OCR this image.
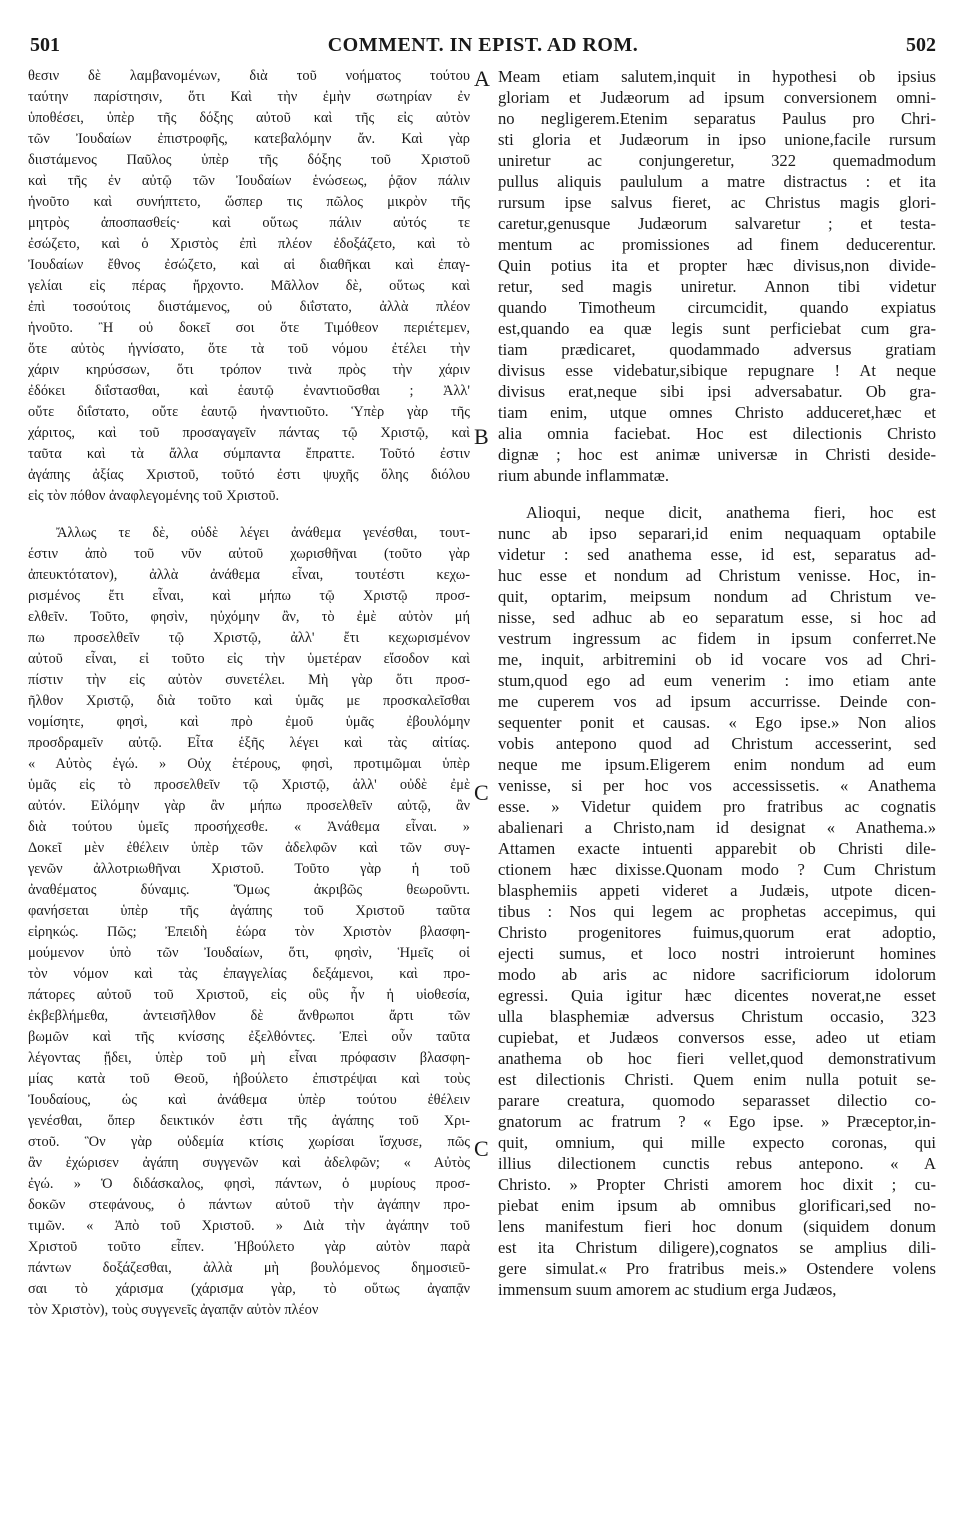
501	COMMENT. IN EPIST. AD ROM.	502
A
B
C
C
θεσιν δὲ λαμβανομένων, διὰ τοῦ νοήματος τούτου
ταύτην παρίστησιν, ὅτι Καὶ τὴν ἐμὴν σωτηρίαν ἐν
ὑποθέσει, ὑπὲρ τῆς δόξης αὐτοῦ καὶ τῆς εἰς αὐτὸν
τῶν Ἰουδαίων ἐπιστροφῆς, κατεβαλόμην ἄν. Καὶ γὰρ
διιστάμενος Παῦλος ὑπὲρ τῆς δόξης τοῦ Χριστοῦ
καὶ τῆς ἐν αὐτῷ τῶν Ἰουδαίων ἑνώσεως, ῥᾷον πάλιν
ἡνοῦτο καὶ συνήπτετο, ὥσπερ τις πῶλος μικρὸν τῆς
μητρὸς ἀποσπασθείς· καὶ οὕτως πάλιν αὐτός τε
ἐσώζετο, καὶ ὁ Χριστὸς ἐπὶ πλέον ἐδοξάζετο, καὶ τὸ
Ἰουδαίων ἔθνος ἐσώζετο, καὶ αἱ διαθῆκαι καὶ ἐπαγ-
γελίαι εἰς πέρας ἤρχοντο. Μᾶλλον δὲ, οὕτως καὶ
ἐπὶ τοσούτοις διιστάμενος, οὐ διΐστατο, ἀλλὰ πλέον
ἡνοῦτο. Ἢ οὐ δοκεῖ σοι ὅτε Τιμόθεον περιέτεμεν,
ὅτε αὐτὸς ἡγνίσατο, ὅτε τὰ τοῦ νόμου ἐτέλει τὴν
χάριν κηρύσσων, ὅτι τρόπον τινὰ πρὸς τὴν χάριν
ἐδόκει διΐστασθαι, καὶ ἑαυτῷ ἐναντιοῦσθαι ; Ἀλλ'
οὔτε διΐστατο, οὔτε ἑαυτῷ ἠναντιοῦτο. Ὑπὲρ γὰρ τῆς
χάριτος, καὶ τοῦ προσαγαγεῖν πάντας τῷ Χριστῷ, καὶ
ταῦτα καὶ τὰ ἄλλα σύμπαντα ἔπραττε. Τοῦτό ἐστιν
ἀγάπης ἀξίας Χριστοῦ, τοῦτό ἐστι ψυχῆς ὅλης διόλου
εἰς τὸν πόθον ἀναφλεγομένης τοῦ Χριστοῦ.
Ἄλλως τε δὲ, οὐδὲ λέγει ἀνάθεμα γενέσθαι, τουτ-
έστιν ἀπὸ τοῦ νῦν αὐτοῦ χωρισθῆναι (τοῦτο γὰρ
ἀπευκτότατον), ἀλλὰ ἀνάθεμα εἶναι, τουτέστι κεχω-
ρισμένος ἔτι εἶναι, καὶ μήπω τῷ Χριστῷ προσ-
ελθεῖν. Τοῦτο, φησὶν, ηὐχόμην ἂν, τὸ ἐμὲ αὐτὸν μή
πω προσελθεῖν τῷ Χριστῷ, ἀλλ' ἔτι κεχωρισμένον
αὐτοῦ εἶναι, εἰ τοῦτο εἰς τὴν ὑμετέραν εἴσοδον καὶ
πίστιν τὴν εἰς αὐτὸν συνετέλει. Μὴ γὰρ ὅτι προσ-
ῆλθον Χριστῷ, διὰ τοῦτο καὶ ὑμᾶς με προσκαλεῖσθαι
νομίσητε, φησὶ, καὶ πρὸ ἐμοῦ ὑμᾶς ἐβουλόμην
προσδραμεῖν αὐτῷ. Εἶτα ἑξῆς λέγει καὶ τὰς αἰτίας.
« Αὐτὸς ἐγώ. » Οὐχ ἑτέρους, φησὶ, προτιμῶμαι ὑπὲρ
ὑμᾶς εἰς τὸ προσελθεῖν τῷ Χριστῷ, ἀλλ' οὐδὲ ἐμὲ
αὐτόν. Εἰλόμην γὰρ ἂν μήπω προσελθεῖν αὐτῷ, ἂν
διὰ τούτου ὑμεῖς προσήχεσθε. « Ἀνάθεμα εἶναι. »
Δοκεῖ μὲν ἐθέλειν ὑπὲρ τῶν ἀδελφῶν καὶ τῶν συγ-
γενῶν ἀλλοτριωθῆναι Χριστοῦ. Τοῦτο γὰρ ἡ τοῦ
ἀναθέματος δύναμις. Ὅμως ἀκριβῶς θεωροῦντι.
φανήσεται ὑπὲρ τῆς ἀγάπης τοῦ Χριστοῦ ταῦτα
εἰρηκώς. Πῶς; Ἐπειδὴ ἑώρα τὸν Χριστὸν βλασφη-
μούμενον ὑπὸ τῶν Ἰουδαίων, ὅτι, φησὶν, Ἡμεῖς οἱ
τὸν νόμον καὶ τὰς ἐπαγγελίας δεξάμενοι, καὶ προ-
πάτορες αὐτοῦ τοῦ Χριστοῦ, εἰς οὓς ἦν ἡ υἱοθεσία,
ἐκβεβλήμεθα, ἀντεισῆλθον δὲ ἄνθρωποι ἄρτι τῶν
βωμῶν καὶ τῆς κνίσσης ἐξελθόντες. Ἐπεὶ οὖν ταῦτα
λέγοντας ᾔδει, ὑπὲρ τοῦ μὴ εἶναι πρόφασιν βλασφη-
μίας κατὰ τοῦ Θεοῦ, ἠβούλετο ἐπιστρέψαι καὶ τοὺς
Ἰουδαίους, ὡς καὶ ἀνάθεμα ὑπὲρ τούτου ἐθέλειν
γενέσθαι, ὅπερ δεικτικόν ἐστι τῆς ἀγάπης τοῦ Χρι-
στοῦ. Ὃν γὰρ οὐδεμία κτίσις χωρίσαι ἴσχυσε, πῶς
ἂν ἐχώρισεν ἀγάπη συγγενῶν καὶ ἀδελφῶν; « Αὐτὸς
ἐγώ. » Ὁ διδάσκαλος, φησὶ, πάντων, ὁ μυρίους προσ-
δοκῶν στεφάνους, ὁ πάντων αὐτοῦ τὴν ἀγάπην προ-
τιμῶν. « Ἀπὸ τοῦ Χριστοῦ. » Διὰ τὴν ἀγάπην τοῦ
Χριστοῦ τοῦτο εἶπεν. Ἠβούλετο γὰρ αὐτὸν παρὰ
πάντων δοξάζεσθαι, ἀλλὰ μὴ βουλόμενος δημοσιεῦ-
σαι τὸ χάρισμα (χάρισμα γὰρ, τὸ οὕτως ἀγαπᾷν
τὸν Χριστὸν), τοὺς συγγενεῖς ἀγαπᾷν αὐτὸν πλέον
Meam etiam salutem,inquit in hypothesi ob ipsius
gloriam et Judæorum ad ipsum conversionem omni-
no negligerem.Etenim separatus Paulus pro Chri-
sti gloria et Judæorum in ipso unione,facile rursum
uniretur ac conjungeretur, 322 quemadmodum
pullus aliquis paululum a matre distractus : et ita
rursum ipse salvus fieret, ac Christus magis glori-
caretur,genusque Judæorum salvaretur ; et testa-
mentum ac promissiones ad finem deducerentur.
Quin potius ita et propter hæc divisus,non divide-
retur, sed magis uniretur. Annon tibi videtur
quando Timotheum circumcidit, quando expiatus
est,quando ea quæ legis sunt perficiebat cum gra-
tiam prædicaret, quodammado adversus gratiam
divisus esse videbatur,sibique repugnare ! At neque
divisus erat,neque sibi ipsi adversabatur. Ob gra-
tiam enim, utque omnes Christo adduceret,hæc et
alia omnia faciebat. Hoc est dilectionis Christo
dignæ ; hoc est animæ universæ in Christi deside-
rium abunde inflammatæ.
Alioqui, neque dicit, anathema fieri, hoc est
nunc ab ipso separari,id enim nequaquam optabile
videtur : sed anathema esse, id est, separatus ad-
huc esse et nondum ad Christum venisse. Hoc, in-
quit, optarim, meipsum nondum ad Christum ve-
nisse, sed adhuc ab eo separatum esse, si hoc ad
vestrum ingressum ac fidem in ipsum conferret.Ne
me, inquit, arbitremini ob id vocare vos ad Chri-
stum,quod ego ad eum venerim : imo etiam ante
me cuperem vos ad ipsum accurrisse. Deinde con-
sequenter ponit et causas. « Ego ipse.» Non alios
vobis antepono quod ad Christum accesserint, sed
neque me ipsum.Eligerem enim nondum ad eum
venisse, si per hoc vos accessissetis. « Anathema
esse. » Videtur quidem pro fratribus ac cognatis
abalienari a Christo,nam id designat « Anathema.»
Attamen exacte intuenti apparebit ob Christi dile-
ctionem hæc dixisse.Quonam modo ? Cum Christum
blasphemiis appeti videret a Judæis, utpote dicen-
tibus : Nos qui legem ac prophetas accepimus, qui
Christo progenitores fuimus,quorum erat adoptio,
ejecti sumus, et loco nostri introierunt homines
modo ab aris ac nidore sacrificiorum idolorum
egressi. Quia igitur hæc dicentes noverat,ne esset
ulla blasphemiæ adversus Christum occasio, 323
cupiebat, et Judæos conversos esse, adeo ut etiam
anathema ob hoc fieri vellet,quod demonstrativum
est dilectionis Christi. Quem enim nulla potuit se-
parare creatura, quomodo separasset dilectio co-
gnatorum ac fratrum ? « Ego ipse. » Præceptor,in-
quit, omnium, qui mille expecto coronas, qui
illius dilectionem cunctis rebus antepono. « A
Christo. » Propter Christi amorem hoc dixit ; cu-
piebat enim ipsum ab omnibus glorificari,sed no-
lens manifestum fieri hoc donum (siquidem donum
est ita Christum diligere),cognatos se amplius dili-
gere simulat.« Pro fratribus meis.» Ostendere volens
immensum suum amorem ac studium erga Judæos,
